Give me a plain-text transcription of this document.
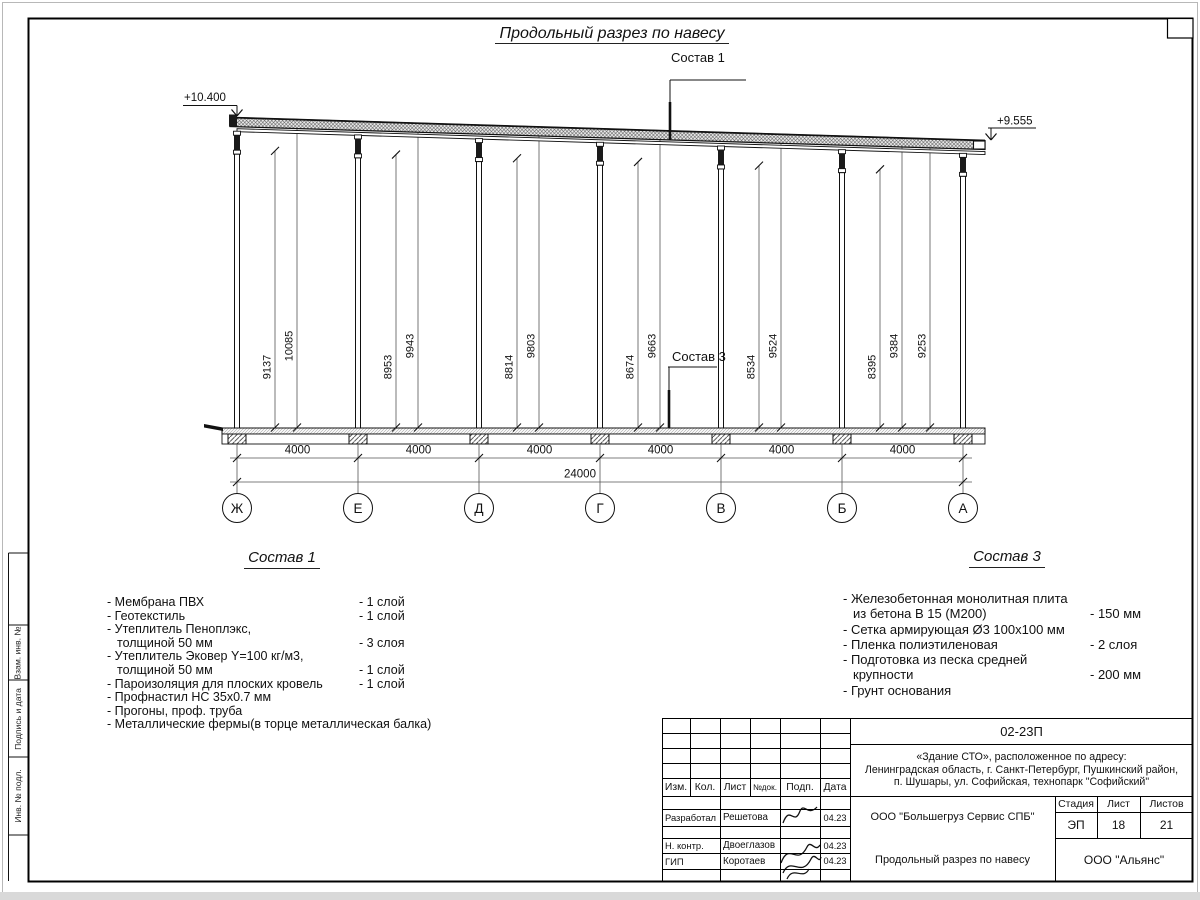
9137
10085
8953
9943
8814
9803
8674
9663
8534
9524
8395
9384 9253
+10.400
+9.555
4000	4000	4000	4000	4000	4000
24000
Ж	Е	Д	Г	В	Б	А
Продольный разрез по навесу
Состав 1
Состав 3
Состав 1
- Мембрана ПВХ	- 1 слой
- Геотекстиль	- 1 слой
- Утеплитель Пеноплэкс,
толщиной 50 мм	- 3 слоя
- Утеплитель Эковер Y=100 кг/м3,
толщиной 50 мм	- 1 слой
- Пароизоляция для плоских кровель	- 1 слой
- Профнастил НС 35х0.7 мм
- Прогоны, проф. труба
- Металлические фермы(в торце металлическая балка)
Состав 3
- Железобетонная монолитная плита
из бетона В 15 (М200)	- 150 мм
- Сетка армирующая Ø3 100х100 мм
- Пленка полиэтиленовая	- 2 слоя
- Подготовка из песка средней
крупности	- 200 мм
- Грунт основания
02-23П
«Здание СТО», расположенное по адресу:
Ленинградская область, г. Санкт-Петербург, Пушкинский район,
п. Шушары, ул. Софийская, технопарк "Софийский"
ООО "Большегруз Сервис СПБ"
Продольный разрез по навесу	ООО "Альянс"
Стадия	Лист	Листов
ЭП	18	21
Изм. Кол. Лист №док. Подп. Дата
Разработал Решетова	04.23
Н. контр.	Двоеглазов	04.23
ГИП	Коротаев	04.23
Взам. инв. №
Подпись и дата
Инв. № подл.
